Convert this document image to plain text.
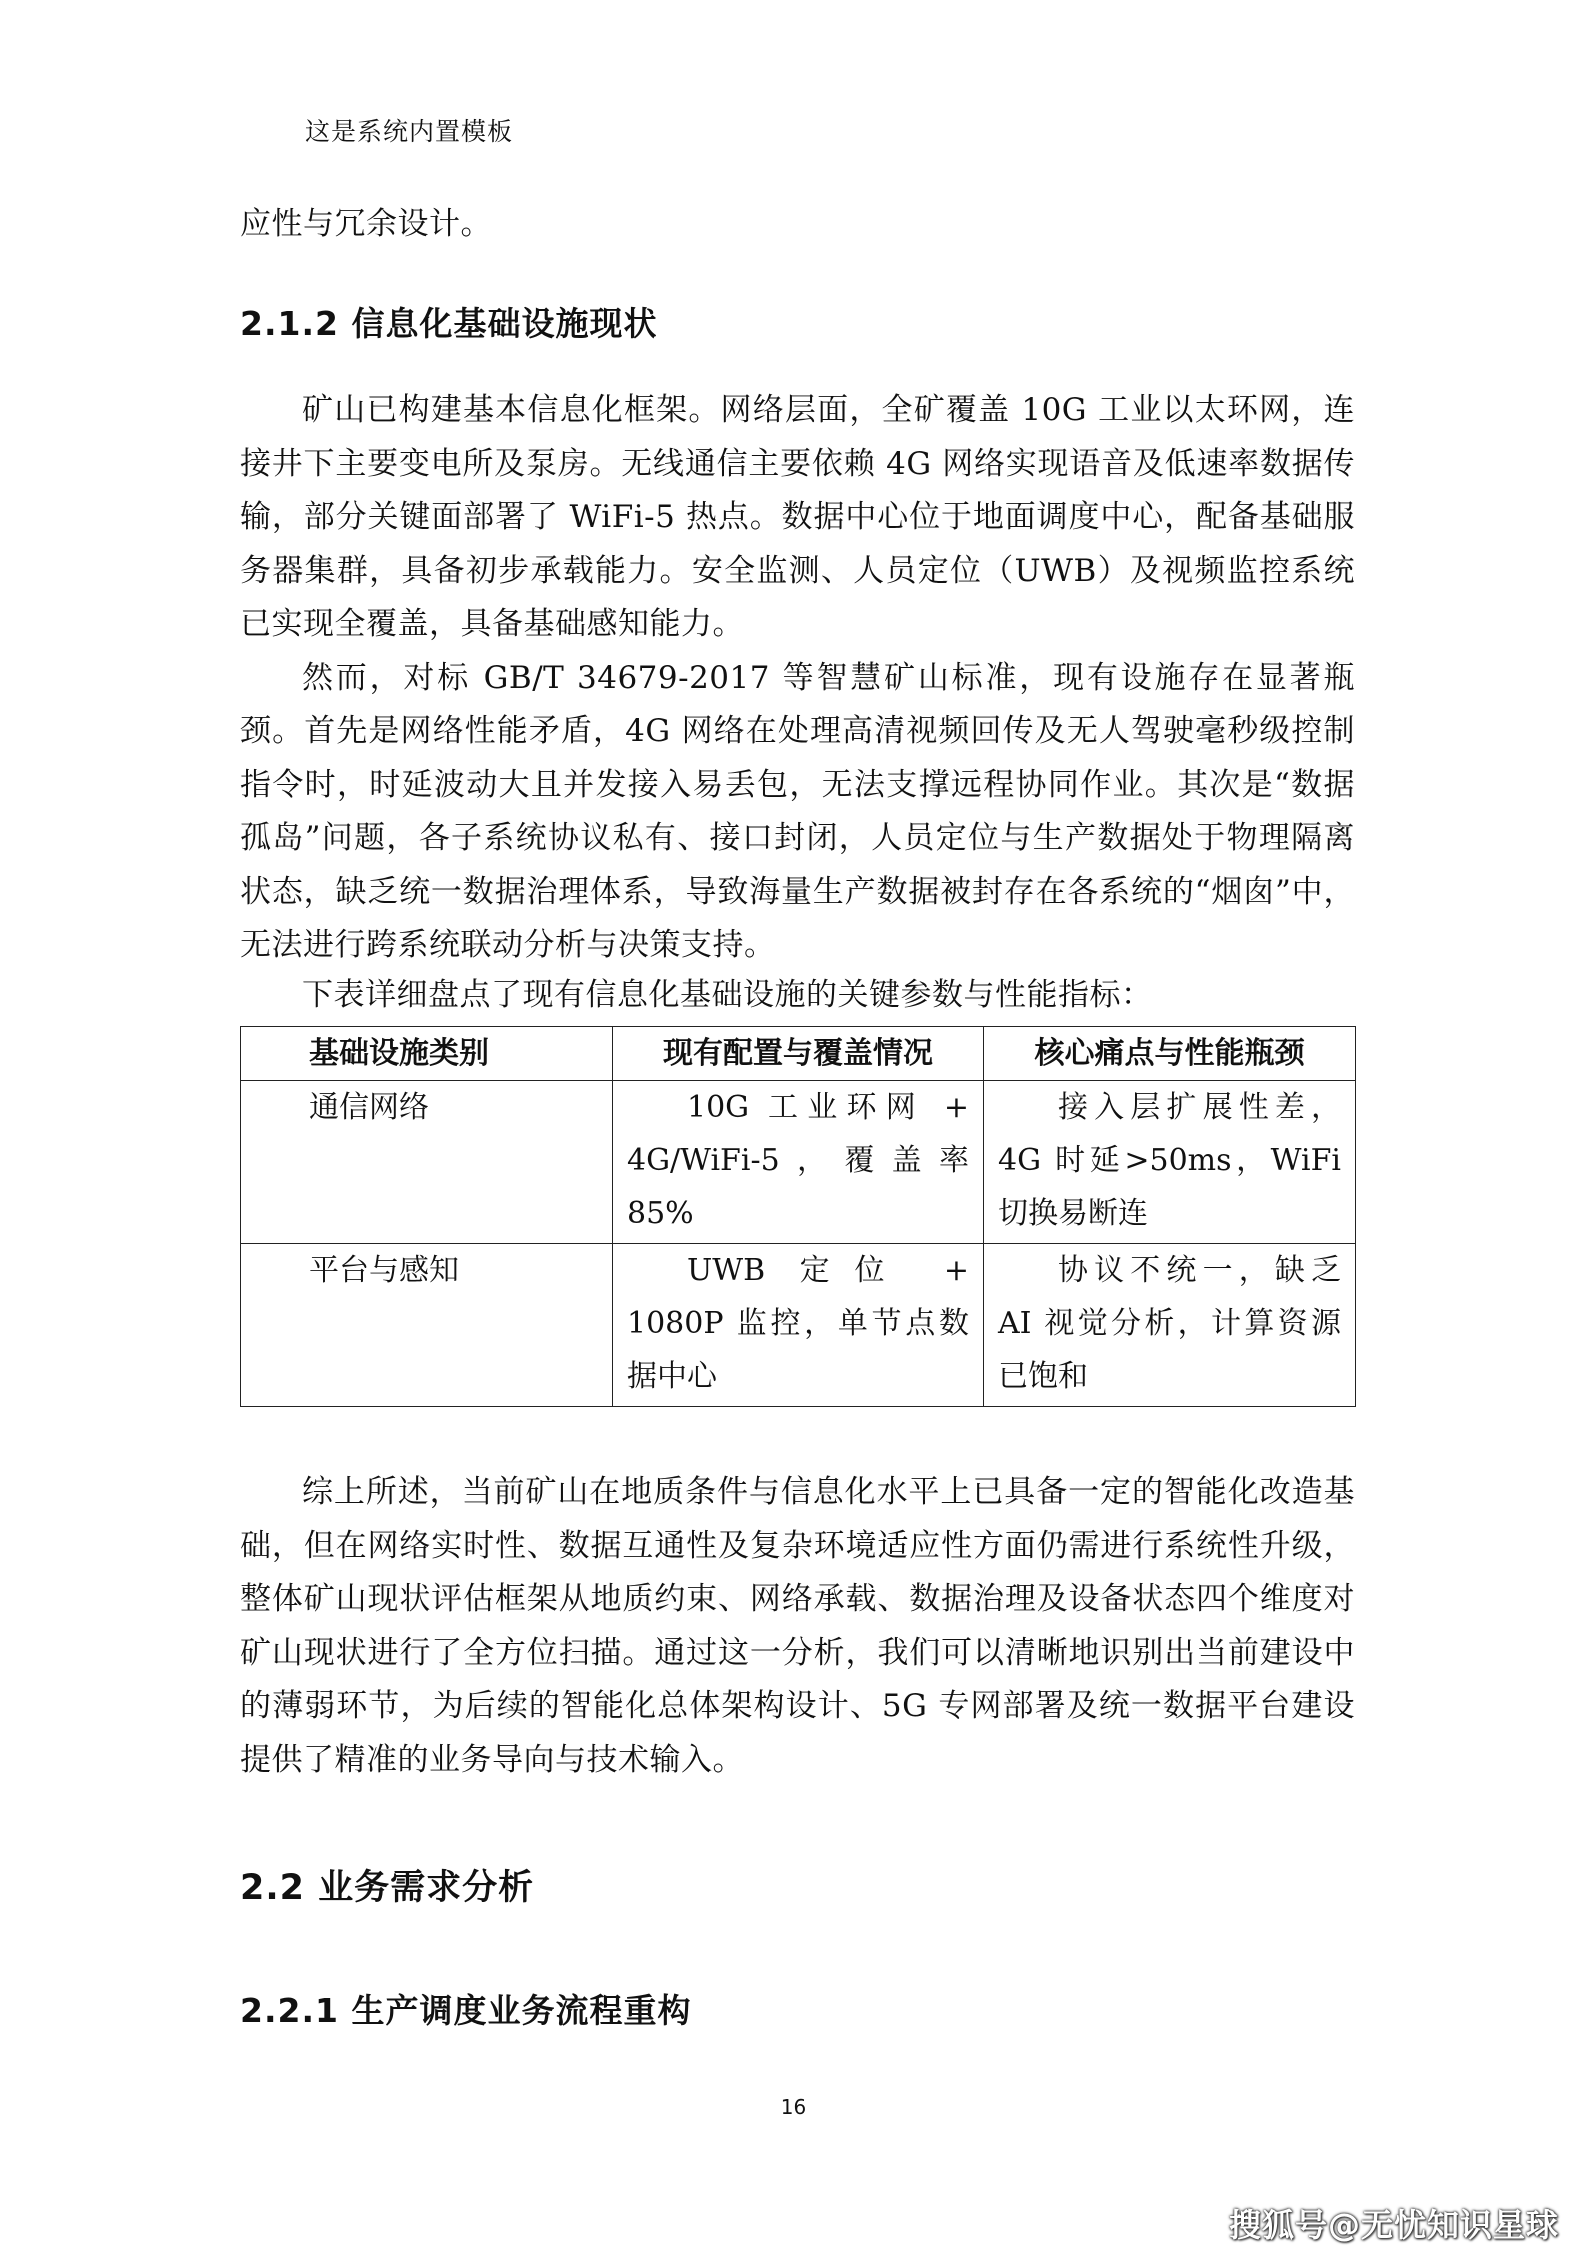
这是系统内置模板

应性与冗余设计。

2.1.2 信息化基础设施现状

矿山已构建基本信息化框架。网络层面，全矿覆盖 10G 工业以太环网，连接井下主要变电所及泵房。无线通信主要依赖 4G 网络实现语音及低速率数据传输，部分关键面部署了 WiFi-5 热点。数据中心位于地面调度中心，配备基础服务器集群，具备初步承载能力。安全监测、人员定位（UWB）及视频监控系统已实现全覆盖，具备基础感知能力。

然而，对标 GB/T 34679-2017 等智慧矿山标准，现有设施存在显著瓶颈。首先是网络性能矛盾，4G 网络在处理高清视频回传及无人驾驶毫秒级控制指令时，时延波动大且并发接入易丢包，无法支撑远程协同作业。其次是“数据孤岛”问题，各子系统协议私有、接口封闭，人员定位与生产数据处于物理隔离状态，缺乏统一数据治理体系，导致海量生产数据被封存在各系统的“烟囱”中，无法进行跨系统联动分析与决策支持。

下表详细盘点了现有信息化基础设施的关键参数与性能指标：

基础设施类别	现有配置与覆盖情况	核心痛点与性能瓶颈
通信网络	10G 工业环网 + 4G/WiFi-5，覆盖率 85%	接入层扩展性差，4G 时延>50ms，WiFi 切换易断连
平台与感知	UWB 定位 + 1080P 监控，单节点数据中心	协议不统一，缺乏 AI 视觉分析，计算资源已饱和

综上所述，当前矿山在地质条件与信息化水平上已具备一定的智能化改造基础，但在网络实时性、数据互通性及复杂环境适应性方面仍需进行系统性升级，整体矿山现状评估框架从地质约束、网络承载、数据治理及设备状态四个维度对矿山现状进行了全方位扫描。通过这一分析，我们可以清晰地识别出当前建设中的薄弱环节，为后续的智能化总体架构设计、5G 专网部署及统一数据平台建设提供了精准的业务导向与技术输入。

2.2 业务需求分析
2.2.1 生产调度业务流程重构
16
搜狐号@无忧知识星球
